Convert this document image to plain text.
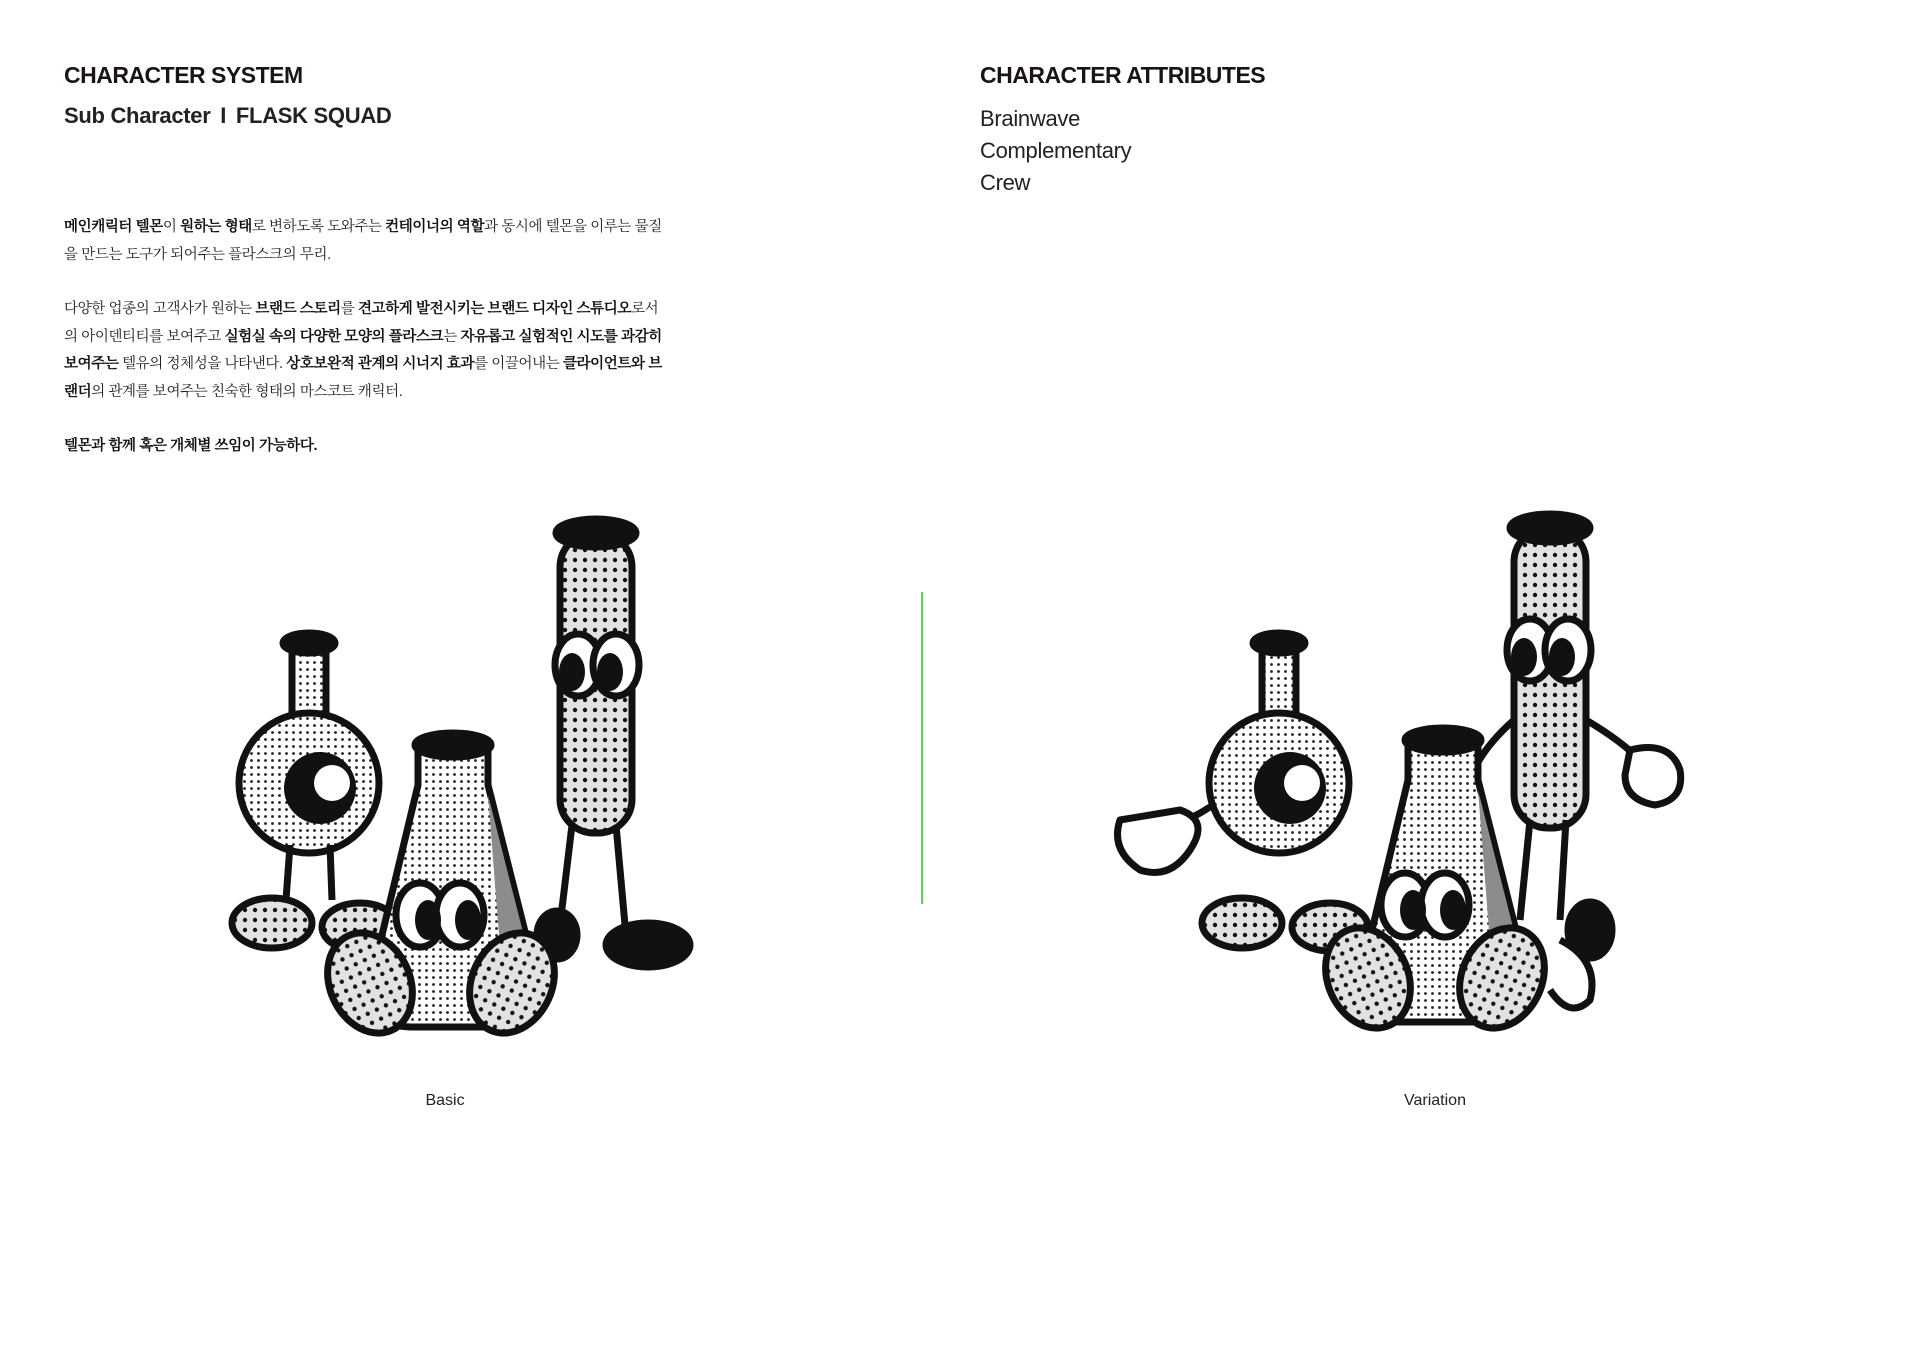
CHARACTER SYSTEM
Sub Character I FLASK SQUAD

메인캐릭터 텔몬이 원하는 형태로 변하도록 도와주는 컨테이너의 역할과 동시에 텔몬을 이루는 물질을 만드는 도구가 되어주는 플라스크의 무리.

다양한 업종의 고객사가 원하는 브랜드 스토리를 견고하게 발전시키는 브랜드 디자인 스튜디오로서의 아이덴티티를 보여주고 실험실 속의 다양한 모양의 플라스크는 자유롭고 실험적인 시도를 과감히 보여주는 텔유의 정체성을 나타낸다. 상호보완적 관계의 시너지 효과를 이끌어내는 클라이언트와 브랜더의 관계를 보여주는 친숙한 형태의 마스코트 캐릭터.

텔몬과 함께 혹은 개체별 쓰임이 가능하다.

CHARACTER ATTRIBUTES
Brainwave
Complementary
Crew
Basic	Variation
